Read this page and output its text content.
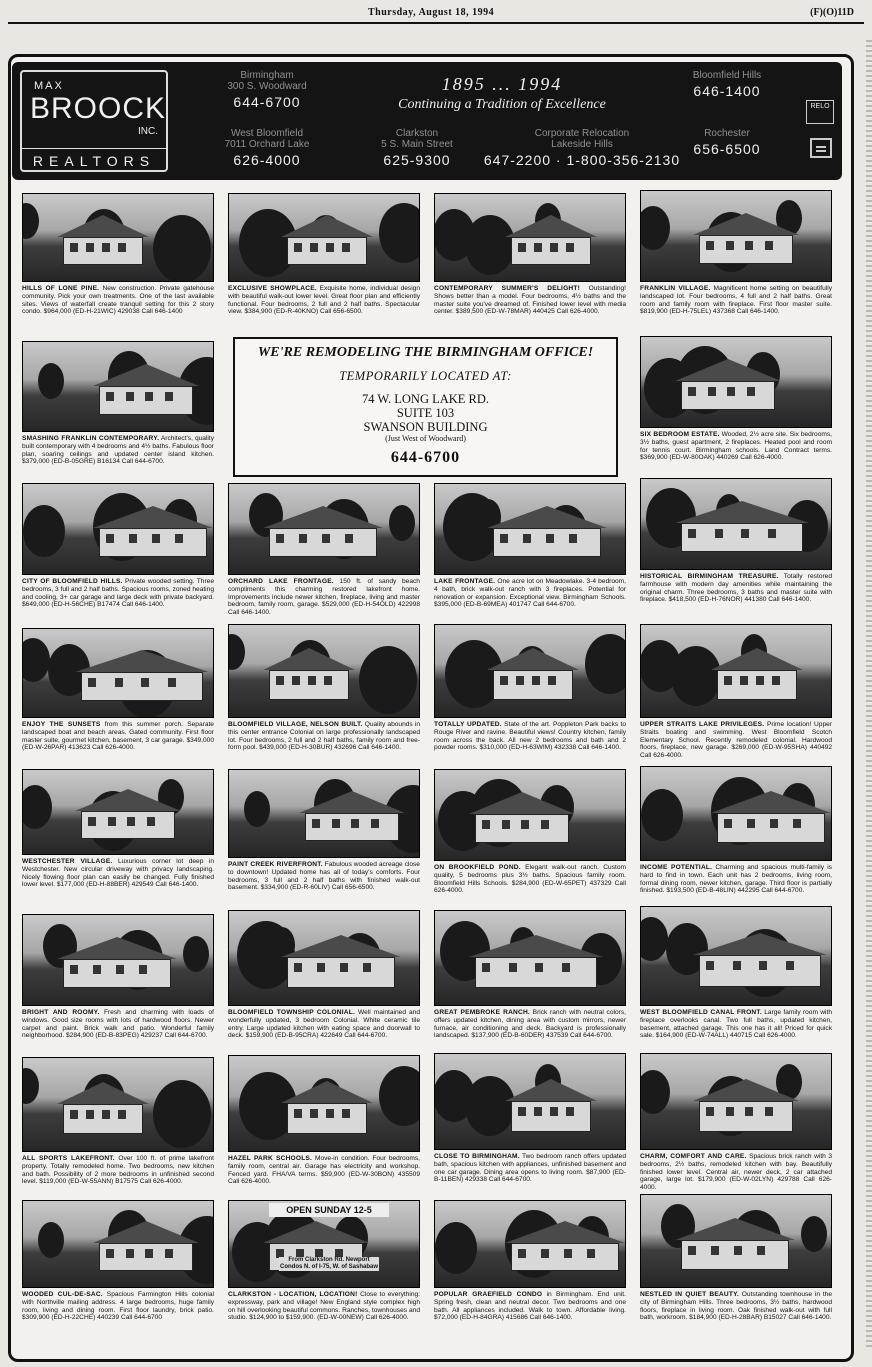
Thursday, August 18, 1994	(F)(O)11D
MAX
BROOCK
INC.
REALTORS
Birmingham
300 S. Woodward
644-6700
West Bloomfield
7011 Orchard Lake
626-4000
Clarkston
5 S. Main Street
625-9300
Corporate Relocation
Lakeside Hills
647-2200 · 1-800-356-2130
Bloomfield Hills
646-1400
Rochester
656-6500
1895 ... 1994
Continuing a Tradition of Excellence	RELO
WE'RE REMODELING THE BIRMINGHAM OFFICE!
TEMPORARILY LOCATED AT:
74 W. LONG LAKE RD.
SUITE 103
SWANSON BUILDING
(Just West of Woodward)
644-6700
HILLS OF LONE PINE. New construction. Private gatehouse community. Pick your own treatments. One of the last available sites. Views of waterfall create tranquil setting for this 2 story condo. $964,000 (ED-H-21WIC) 429038 Call 646-1400
EXCLUSIVE SHOWPLACE. Exquisite home, individual design with beautiful walk-out lower level. Great floor plan and efficiently functional. Four bedrooms, 2 full and 2 half baths. Spectacular view. $384,900 (ED-R-40KNO) Call 656-6500.
CONTEMPORARY SUMMER'S DELIGHT! Outstanding! Shows better than a model. Four bedrooms, 4½ baths and the master suite you've dreamed of. Finished lower level with media center. $389,500 (ED-W-78MAR) 440425 Call 626-4000.
FRANKLIN VILLAGE. Magnificent home setting on beautifully landscaped lot. Four bedrooms, 4 full and 2 half baths. Great room and family room with fireplace. First floor master suite. $819,900 (ED-H-75LEL) 437368 Call 646-1400.
SMASHING FRANKLIN CONTEMPORARY. Architect's, quality built contemporary with 4 bedrooms and 4½ baths. Fabulous floor plan, soaring ceilings and updated center island kitchen. $379,000 (ED-B-05GRE) B16134 Call 644-6700.
SIX BEDROOM ESTATE. Wooded, 2½ acre site. Six bedrooms, 3½ baths, guest apartment, 2 fireplaces. Heated pool and room for tennis court. Birmingham schools. Land Contract terms. $369,900 (ED-W-80OAK) 440269 Call 626-4000.
CITY OF BLOOMFIELD HILLS. Private wooded setting. Three bedrooms, 3 full and 2 half baths. Spacious rooms, zoned heating and cooling, 3+ car garage and large deck with private backyard. $649,000 (ED-H-56CHE) B17474 Call 646-1400.
ORCHARD LAKE FRONTAGE. 150 ft. of sandy beach compliments this charming restored lakefront home. Improvements include newer kitchen, fireplace, living and master bedroom, family room, garage. $529,000 (ED-H-54OLD) 422998 Call 646-1400.
LAKE FRONTAGE. One acre lot on Meadowlake. 3-4 bedroom, 4 bath, brick walk-out ranch with 3 fireplaces. Potential for renovation or expansion. Exceptional view. Birmingham Schools. $395,000 (ED-B-69MEA) 401747 Call 644-6700.
HISTORICAL BIRMINGHAM TREASURE. Totally restored farmhouse with modern day amenities while maintaining the original charm. Three bedrooms, 3 baths and master suite with fireplace. $418,500 (ED-H-76NOR) 441380 Call 646-1400.
ENJOY THE SUNSETS from this summer porch. Separate landscaped boat and beach areas. Gated community. First floor master suite, gourmet kitchen, basement, 3 car garage. $349,000 (ED-W-26PAR) 413623 Call 626-4000.
BLOOMFIELD VILLAGE, NELSON BUILT. Quality abounds in this center entrance Colonial on large professionally landscaped lot. Four bedrooms, 2 full and 2 half baths, family room and free-form pool. $439,000 (ED-H-30BUR) 432696 Call 646-1400.
TOTALLY UPDATED. State of the art. Poppleton Park backs to Rouge River and ravine. Beautiful views! Country kitchen, family room across the back. All new 2 bedrooms and bath and 2 powder rooms. $310,000 (ED-H-63WIM) 432338 Call 646-1400.
UPPER STRAITS LAKE PRIVILEGES. Prime location! Upper Straits boating and swimming. West Bloomfield Scotch Elementary School. Recently remodeled colonial. Hardwood floors, fireplace, new garage. $269,000 (ED-W-95SHA) 440492 Call 626-4000.
WESTCHESTER VILLAGE. Luxurious corner lot deep in Westchester. New circular driveway with privacy landscaping. Nicely flowing floor plan can easily be changed. Fully finished lower level. $177,000 (ED-H-88BER) 429549 Call 646-1400.
PAINT CREEK RIVERFRONT. Fabulous wooded acreage close to downtown! Updated home has all of today's comforts. Four bedrooms, 3 full and 2 half baths with finished walk-out basement. $334,900 (ED-R-60LIV) Call 656-6500.
ON BROOKFIELD POND. Elegant walk-out ranch. Custom quality, 5 bedrooms plus 3½ baths. Spacious family room. Bloomfield Hills Schools. $284,900 (ED-W-65PET) 437329 Call 626-4000.
INCOME POTENTIAL. Charming and spacious multi-family is hard to find in town. Each unit has 2 bedrooms, living room, formal dining room, newer kitchen, garage. Third floor is partially finished. $193,500 (ED-B-48LIN) 442295 Call 644-6700.
BRIGHT AND ROOMY. Fresh and charming with loads of windows. Good size rooms with lots of hardwood floors. Newer carpet and paint. Brick walk and patio. Wonderful family neighborhood. $284,900 (ED-B-83PEG) 429237 Call 644-6700.
BLOOMFIELD TOWNSHIP COLONIAL. Well maintained and wonderfully updated, 3 bedroom Colonial. White ceramic tile entry. Large updated kitchen with eating space and doorwall to deck. $159,900 (ED-B-95CRA) 422649 Call 644-6700.
GREAT PEMBROKE RANCH. Brick ranch with neutral colors, offers updated kitchen, dining area with custom mirrors, newer furnace, air conditioning and deck. Backyard is professionally landscaped. $137,900 (ED-B-60DER) 437539 Call 644-6700.
WEST BLOOMFIELD CANAL FRONT. Large family room with fireplace overlooks canal. Two full baths, updated kitchen, basement, attached garage. This one has it all! Priced for quick sale. $164,900 (ED-W-74ALL) 440715 Call 626-4000.
ALL SPORTS LAKEFRONT. Over 100 ft. of prime lakefront property. Totally remodeled home. Two bedrooms, new kitchen and bath. Possibility of 2 more bedrooms in unfinished second level. $119,000 (ED-W-55ANN) B17575 Call 626-4000.
HAZEL PARK SCHOOLS. Move-in condition. Four bedrooms, family room, central air. Garage has electricity and workshop. Fenced yard. FHA/VA terms. $59,900 (ED-W-30BON) 435509 Call 626-4000.
CLOSE TO BIRMINGHAM. Two bedroom ranch offers updated bath, spacious kitchen with appliances, unfinished basement and one car garage. Dining area opens to living room. $87,900 (ED-B-11BEN) 429338 Call 644-6700.
CHARM, COMFORT AND CARE. Spacious brick ranch with 3 bedrooms, 2½ baths, remodeled kitchen with bay. Beautifully finished lower level. Central air, newer deck, 2 car attached garage, large lot. $179,900 (ED-W-02LYN) 429788 Call 626-4000.
WOODED CUL-DE-SAC. Spacious Farmington Hills colonial with Northville mailing address. 4 large bedrooms, huge family room, living and dining room. First floor laundry, brick patio. $309,900 (ED-H-22CHE) 440239 Call 644-6700
OPEN SUNDAY 12-5
From Clarkston Rd. Newport Condos N. of I-75, W. of Sashabaw
CLARKSTON - LOCATION, LOCATION! Close to everything: expressway, park and village! New England style complex high on hill overlooking beautiful commons. Ranches, townhouses and studio. $124,900 to $159,900. (ED-W-00NEW) Call 626-4000.
POPULAR GRAEFIELD CONDO in Birmingham. End unit. Spring fresh, clean and neutral decor. Two bedrooms and one bath. All appliances included. Walk to town. Affordable living. $72,000 (ED-H-84GRA) 415686 Call 646-1400.
NESTLED IN QUIET BEAUTY. Outstanding townhouse in the city of Birmingham Hills. Three bedrooms, 3½ baths, hardwood floors, fireplace in living room. Oak finished walk-out with full bath, workroom. $184,900 (ED-H-28BAR) B15027 Call 646-1400.
